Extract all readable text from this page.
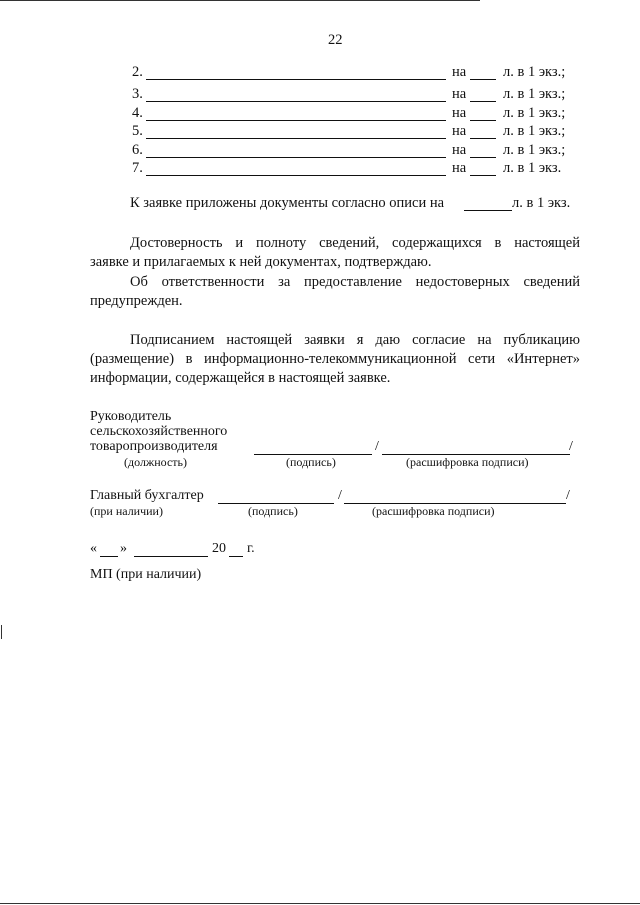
22
2.	на	л. в 1 экз.;
3.	на	л. в 1 экз.;
4.	на	л. в 1 экз.;
5.	на	л. в 1 экз.;
6.	на	л. в 1 экз.;
7.	на	л. в 1 экз.
К заявке приложены документы согласно описи на	л. в 1 экз.
Достоверность и полноту сведений, содержащихся в настоящей
заявке и прилагаемых к ней документах, подтверждаю.
Об ответственности за предоставление недостоверных сведений
предупрежден.
Подписанием настоящей заявки я даю согласие на публикацию
(размещение) в информационно-телекоммуникационной сети «Интернет»
информации, содержащейся в настоящей заявке.
Руководитель
сельскохозяйственного
товаропроизводителя	/	/
(должность)	(подпись)	(расшифровка подписи)
Главный бухгалтер	/	/
(при наличии)	(подпись)	(расшифровка подписи)
« »	20 г.
МП (при наличии)
